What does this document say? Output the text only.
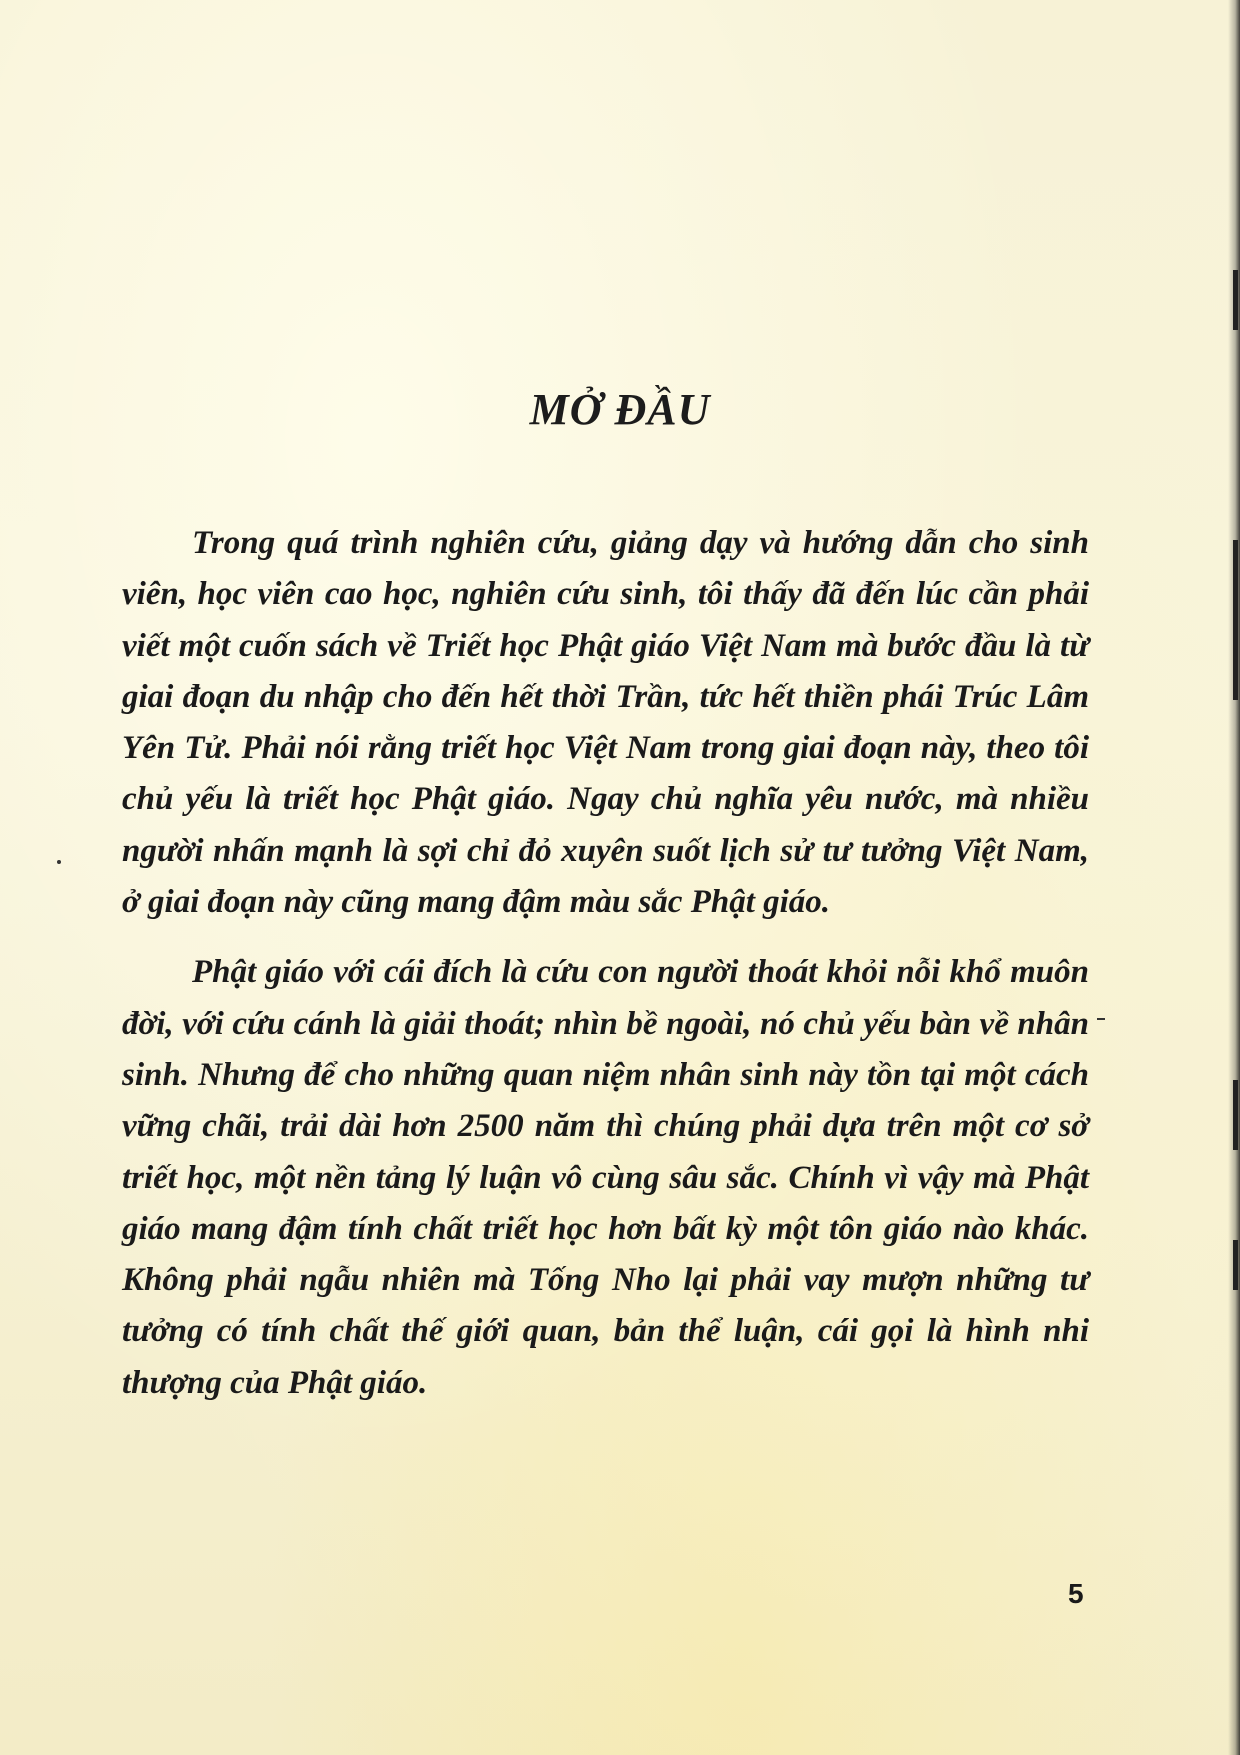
MỞ ĐẦU

Trong quá trình nghiên cứu, giảng dạy và hướng dẫn cho sinh viên, học viên cao học, nghiên cứu sinh, tôi thấy đã đến lúc cần phải viết một cuốn sách về Triết học Phật giáo Việt Nam mà bước đầu là từ giai đoạn du nhập cho đến hết thời Trần, tức hết thiền phái Trúc Lâm Yên Tử. Phải nói rằng triết học Việt Nam trong giai đoạn này, theo tôi chủ yếu là triết học Phật giáo. Ngay chủ nghĩa yêu nước, mà nhiều người nhấn mạnh là sợi chỉ đỏ xuyên suốt lịch sử tư tưởng Việt Nam, ở giai đoạn này cũng mang đậm màu sắc Phật giáo.

Phật giáo với cái đích là cứu con người thoát khỏi nỗi khổ muôn đời, với cứu cánh là giải thoát; nhìn bề ngoài, nó chủ yếu bàn về nhân sinh. Nhưng để cho những quan niệm nhân sinh này tồn tại một cách vững chãi, trải dài hơn 2500 năm thì chúng phải dựa trên một cơ sở triết học, một nền tảng lý luận vô cùng sâu sắc. Chính vì vậy mà Phật giáo mang đậm tính chất triết học hơn bất kỳ một tôn giáo nào khác. Không phải ngẫu nhiên mà Tống Nho lại phải vay mượn những tư tưởng có tính chất thế giới quan, bản thể luận, cái gọi là hình nhi thượng của Phật giáo.

5
